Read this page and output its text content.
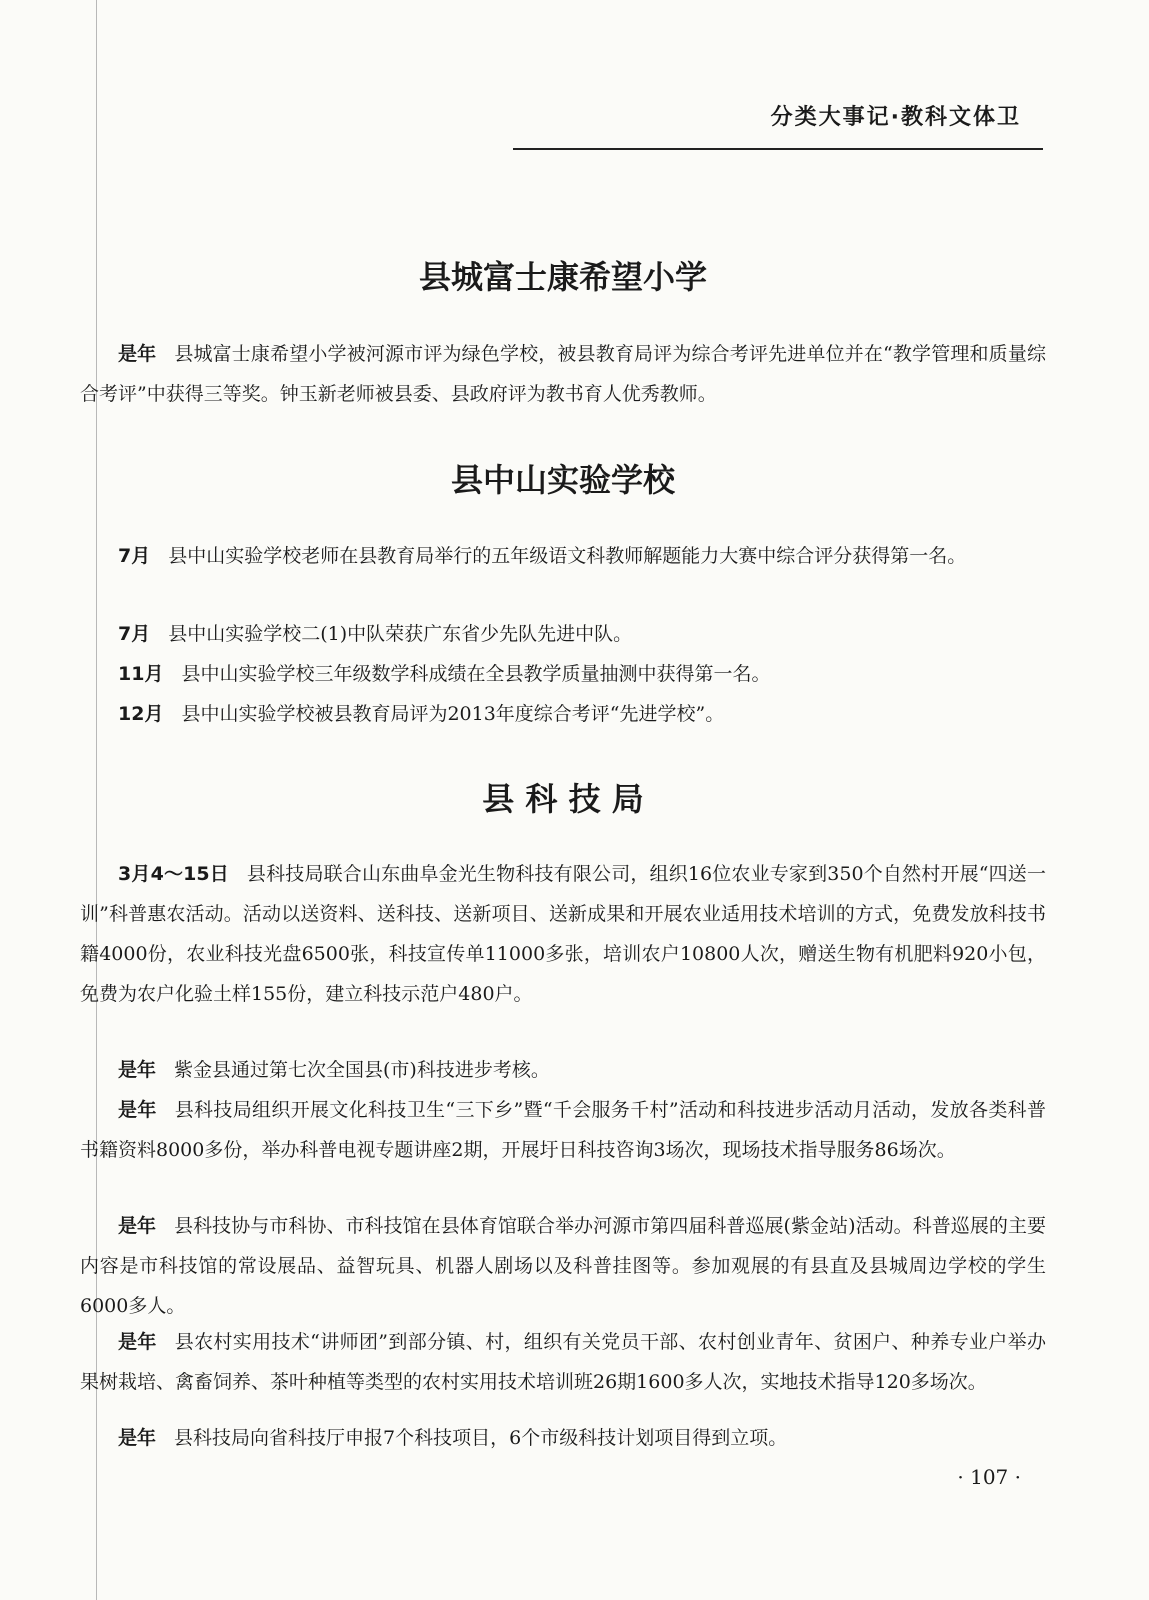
分类大事记·教科文体卫
县城富士康希望小学

是年 县城富士康希望小学被河源市评为绿色学校，被县教育局评为综合考评先进单位并在“教学管理和质量综合考评”中获得三等奖。钟玉新老师被县委、县政府评为教书育人优秀教师。

县中山实验学校

7月 县中山实验学校老师在县教育局举行的五年级语文科教师解题能力大赛中综合评分获得第一名。

7月 县中山实验学校二(1)中队荣获广东省少先队先进中队。

11月 县中山实验学校三年级数学科成绩在全县教学质量抽测中获得第一名。

12月 县中山实验学校被县教育局评为2013年度综合考评“先进学校”。

县 科 技 局

3月4～15日 县科技局联合山东曲阜金光生物科技有限公司，组织16位农业专家到350个自然村开展“四送一训”科普惠农活动。活动以送资料、送科技、送新项目、送新成果和开展农业适用技术培训的方式，免费发放科技书籍4000份，农业科技光盘6500张，科技宣传单11000多张，培训农户10800人次，赠送生物有机肥料920小包，免费为农户化验土样155份，建立科技示范户480户。

是年 紫金县通过第七次全国县(市)科技进步考核。

是年 县科技局组织开展文化科技卫生“三下乡”暨“千会服务千村”活动和科技进步活动月活动，发放各类科普书籍资料8000多份，举办科普电视专题讲座2期，开展圩日科技咨询3场次，现场技术指导服务86场次。

是年 县科技协与市科协、市科技馆在县体育馆联合举办河源市第四届科普巡展(紫金站)活动。科普巡展的主要内容是市科技馆的常设展品、益智玩具、机器人剧场以及科普挂图等。参加观展的有县直及县城周边学校的学生6000多人。

是年 县农村实用技术“讲师团”到部分镇、村，组织有关党员干部、农村创业青年、贫困户、种养专业户举办果树栽培、禽畜饲养、茶叶种植等类型的农村实用技术培训班26期1600多人次，实地技术指导120多场次。

是年 县科技局向省科技厅申报7个科技项目，6个市级科技计划项目得到立项。

· 107 ·
